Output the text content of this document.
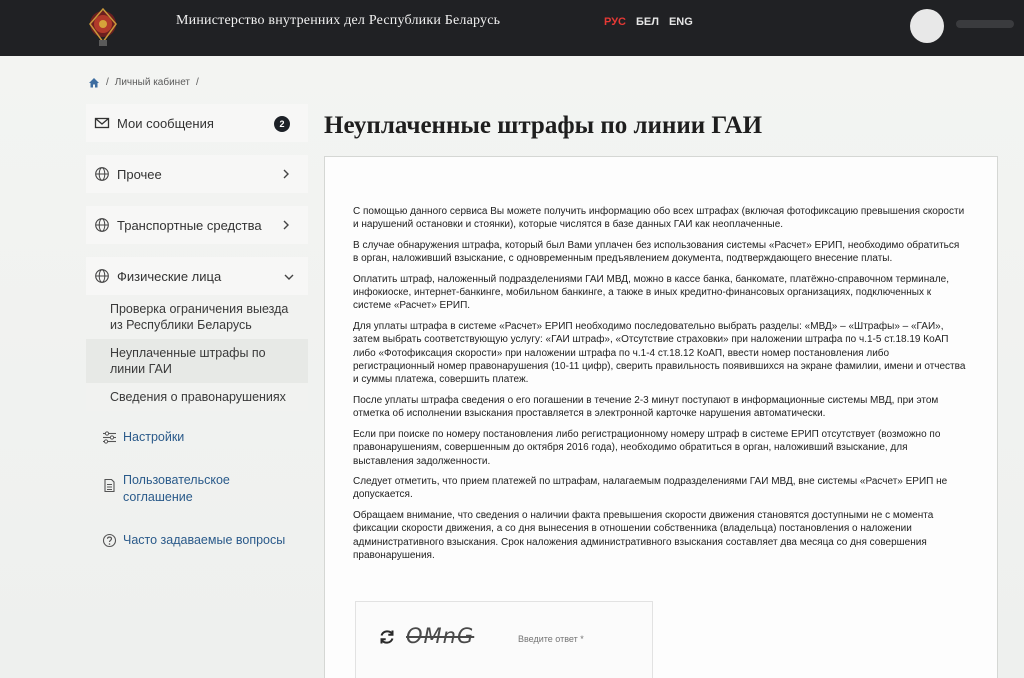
Министерство внутренних дел Республики Беларусь	РУС БЕЛ ENG
/ Личный кабинет /
Мои сообщения	2
Прочее
Транспортные средства
Физические лица
Проверка ограничения выезда из Республики Беларусь
Неуплаченные штрафы по линии ГАИ
Сведения о правонарушениях
Настройки
Пользовательское соглашение
Часто задаваемые вопросы
Неуплаченные штрафы по линии ГАИ

С помощью данного сервиса Вы можете получить информацию обо всех штрафах (включая фотофиксацию превышения скорости и нарушений остановки и стоянки), которые числятся в базе данных ГАИ как неоплаченные.

В случае обнаружения штрафа, который был Вами уплачен без использования системы «Расчет» ЕРИП, необходимо обратиться в орган, наложивший взыскание, с одновременным предъявлением документа, подтверждающего внесение платы.

Оплатить штраф, наложенный подразделениями ГАИ МВД, можно в кассе банка, банкомате, платёжно-справочном терминале, инфокиоске, интернет-банкинге, мобильном банкинге, а также в иных кредитно-финансовых организациях, подключенных к системе «Расчет» ЕРИП.

Для уплаты штрафа в системе «Расчет» ЕРИП необходимо последовательно выбрать разделы: «МВД» – «Штрафы» – «ГАИ», затем выбрать соответствующую услугу: «ГАИ штраф», «Отсутствие страховки» при наложении штрафа по ч.1-5 ст.18.19 КоАП либо «Фотофиксация скорости» при наложении штрафа по ч.1-4 ст.18.12 КоАП, ввести номер постановления либо регистрационный номер правонарушения (10-11 цифр), сверить правильность появившихся на экране фамилии, имени и отчества и суммы платежа, совершить платеж.

После уплаты штрафа сведения о его погашении в течение 2-3 минут поступают в информационные системы МВД, при этом отметка об исполнении взыскания проставляется в электронной карточке нарушения автоматически.

Если при поиске по номеру постановления либо регистрационному номеру штраф в системе ЕРИП отсутствует (возможно по правонарушениям, совершенным до октября 2016 года), необходимо обратиться в орган, наложивший взыскание, для выставления задолженности.

Следует отметить, что прием платежей по штрафам, налагаемым подразделениями ГАИ МВД, вне системы «Расчет» ЕРИП не допускается.

Обращаем внимание, что сведения о наличии факта превышения скорости движения становятся доступными не с момента фиксации скорости движения, а со дня вынесения в отношении собственника (владельца) постановления о наложении административного взыскания. Срок наложения административного взыскания составляет два месяца со дня совершения правонарушения.

OMnG
Введите ответ *
